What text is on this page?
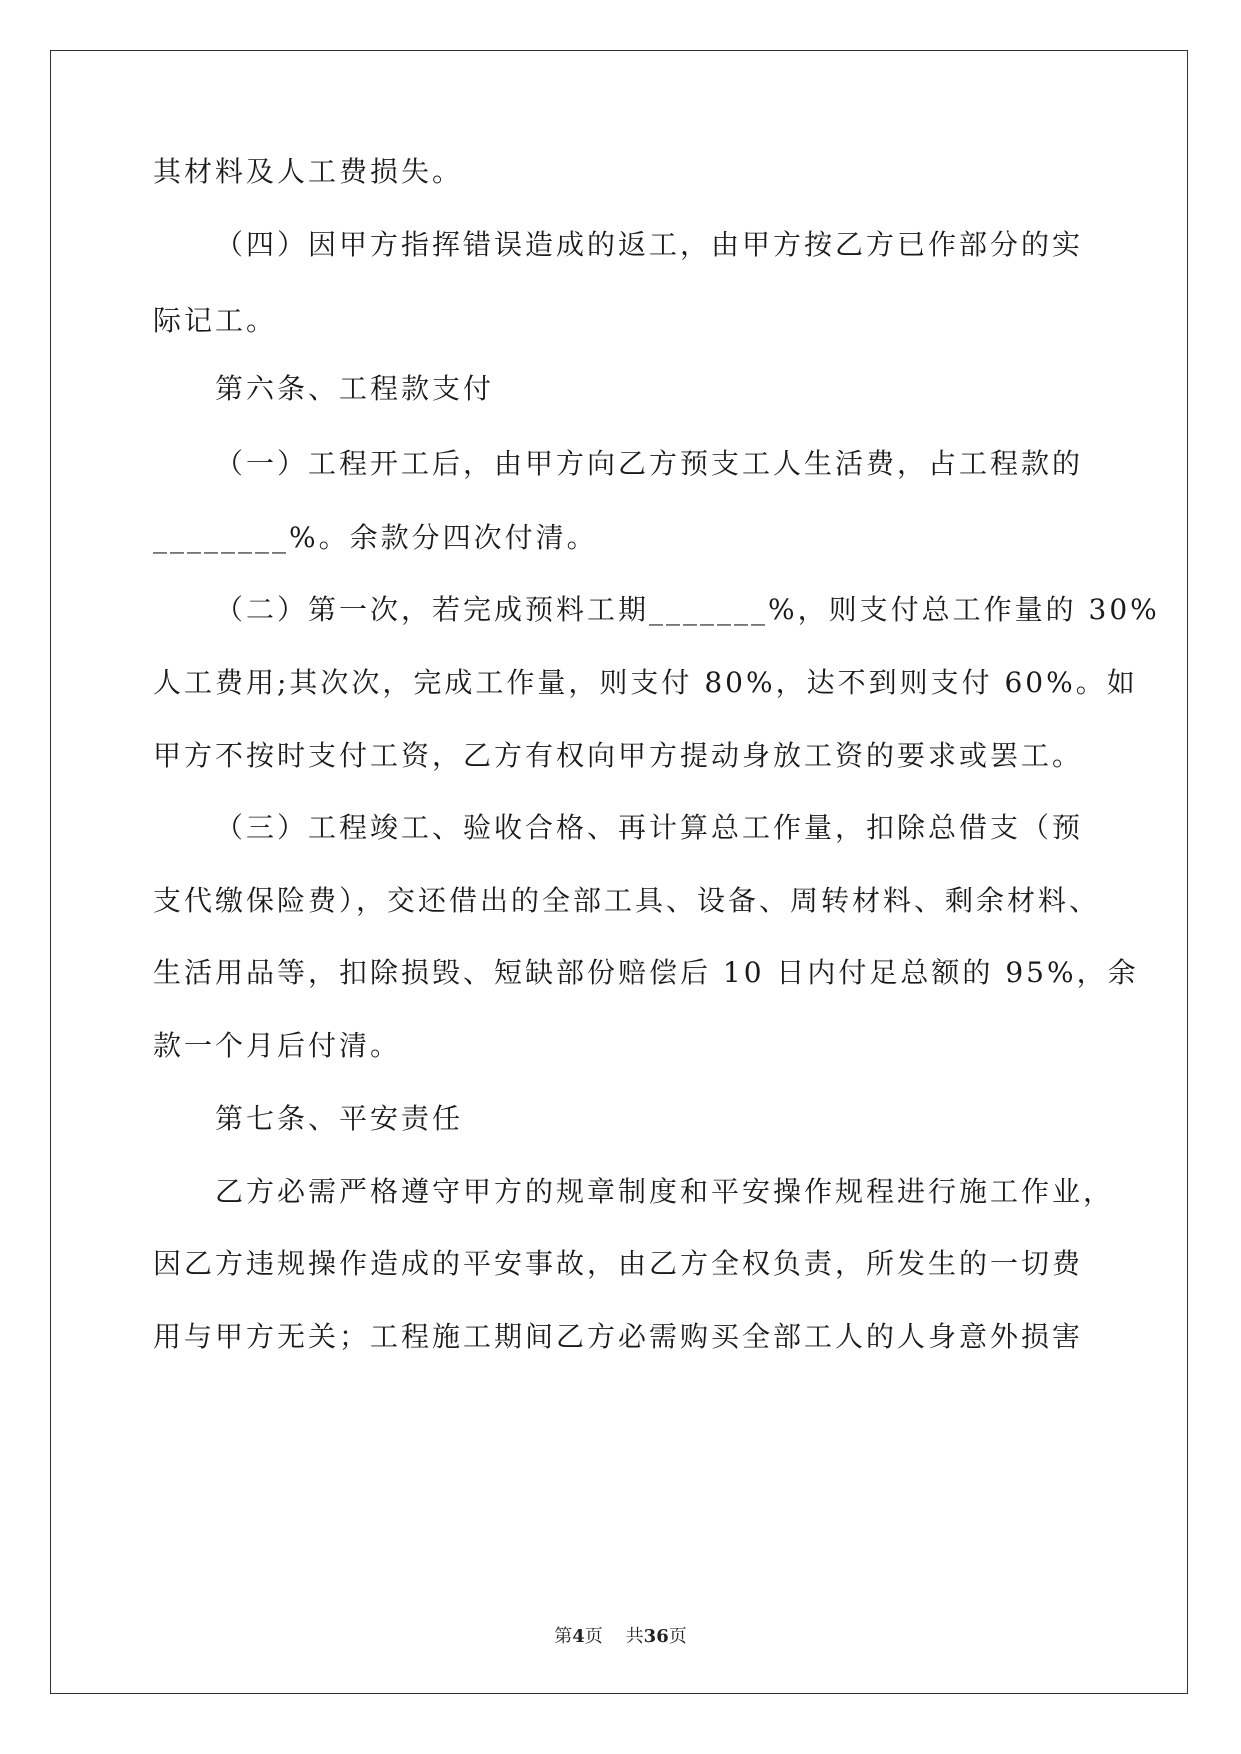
其材料及人工费损失。
（四）因甲方指挥错误造成的返工，由甲方按乙方已作部分的实
际记工。
第六条、工程款支付
（一）工程开工后，由甲方向乙方预支工人生活费，占工程款的
________%。余款分四次付清。
（二）第一次，若完成预料工期_______%，则支付总工作量的 30%
人工费用;其次次，完成工作量，则支付 80%，达不到则支付 60%。如
甲方不按时支付工资，乙方有权向甲方提动身放工资的要求或罢工。
（三）工程竣工、验收合格、再计算总工作量，扣除总借支（预
支代缴保险费），交还借出的全部工具、设备、周转材料、剩余材料、
生活用品等，扣除损毁、短缺部份赔偿后 10 日内付足总额的 95%，余
款一个月后付清。
第七条、平安责任
乙方必需严格遵守甲方的规章制度和平安操作规程进行施工作业，
因乙方违规操作造成的平安事故，由乙方全权负责，所发生的一切费
用与甲方无关；工程施工期间乙方必需购买全部工人的人身意外损害
第4页 共36页
